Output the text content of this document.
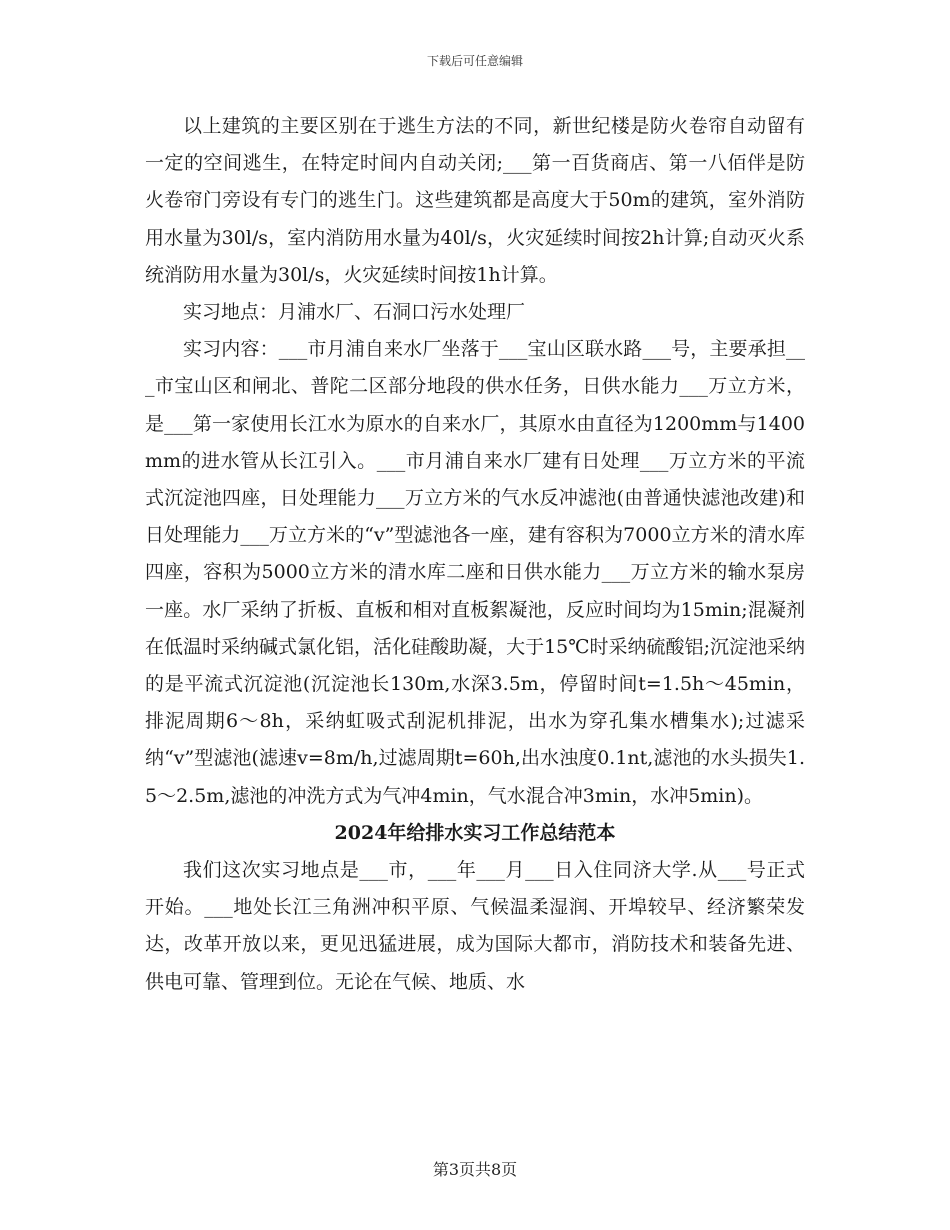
下载后可任意编辑

以上建筑的主要区别在于逃生方法的不同，新世纪楼是防火卷帘自动留有一定的空间逃生，在特定时间内自动关闭;___第一百货商店、第一八佰伴是防火卷帘门旁设有专门的逃生门。这些建筑都是高度大于50m的建筑，室外消防用水量为30l/s，室内消防用水量为40l/s，火灾延续时间按2h计算;自动灭火系统消防用水量为30l/s，火灾延续时间按1h计算。

实习地点：月浦水厂、石洞口污水处理厂

实习内容：___市月浦自来水厂坐落于___宝山区联水路___号，主要承担___市宝山区和闸北、普陀二区部分地段的供水任务，日供水能力___万立方米，是___第一家使用长江水为原水的自来水厂，其原水由直径为1200mm与1400mm的进水管从长江引入。___市月浦自来水厂建有日处理___万立方米的平流式沉淀池四座，日处理能力___万立方米的气水反冲滤池(由普通快滤池改建)和日处理能力___万立方米的“v”型滤池各一座，建有容积为7000立方米的清水库四座，容积为5000立方米的清水库二座和日供水能力___万立方米的输水泵房一座。水厂采纳了折板、直板和相对直板絮凝池，反应时间均为15min;混凝剂在低温时采纳碱式氯化铝，活化硅酸助凝，大于15℃时采纳硫酸铝;沉淀池采纳的是平流式沉淀池(沉淀池长130m,水深3.5m，停留时间t=1.5h～45min，排泥周期6～8h，采纳虹吸式刮泥机排泥，出水为穿孔集水槽集水);过滤采纳“v”型滤池(滤速v=8m/h,过滤周期t=60h,出水浊度0.1nt,滤池的水头损失1.5～2.5m,滤池的冲洗方式为气冲4min，气水混合冲3min，水冲5min)。

2024年给排水实习工作总结范本

我们这次实习地点是___市，___年___月___日入住同济大学.从___号正式开始。___地处长江三角洲冲积平原、气候温柔湿润、开埠较早、经济繁荣发达，改革开放以来，更见迅猛进展，成为国际大都市，消防技术和装备先进、供电可靠、管理到位。无论在气候、地质、水

第3页共8页
